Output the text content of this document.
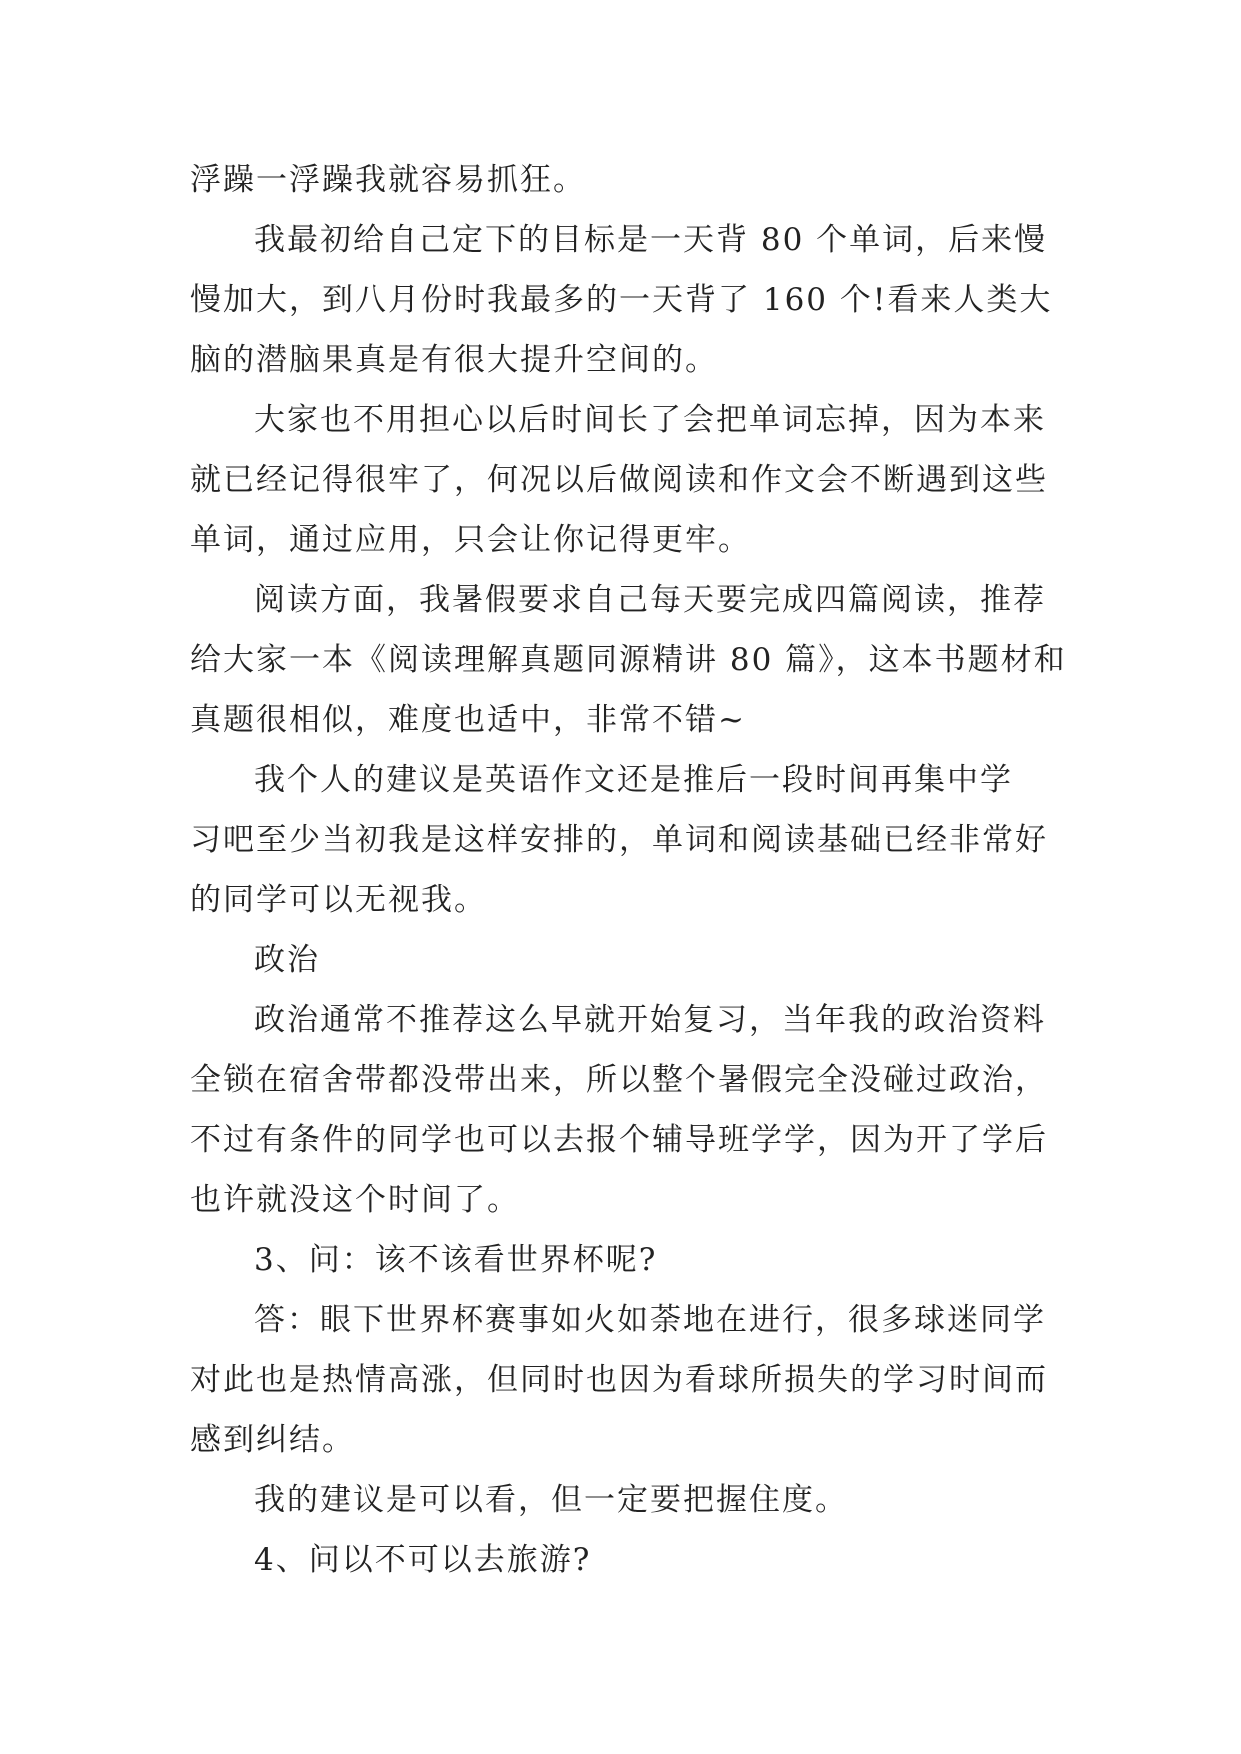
浮躁一浮躁我就容易抓狂。
我最初给自己定下的目标是一天背 80 个单词，后来慢
慢加大，到八月份时我最多的一天背了 160 个!看来人类大
脑的潜脑果真是有很大提升空间的。
大家也不用担心以后时间长了会把单词忘掉，因为本来
就已经记得很牢了，何况以后做阅读和作文会不断遇到这些
单词，通过应用，只会让你记得更牢。
阅读方面，我暑假要求自己每天要完成四篇阅读，推荐
给大家一本《阅读理解真题同源精讲 80 篇》，这本书题材和
真题很相似，难度也适中，非常不错~
我个人的建议是英语作文还是推后一段时间再集中学
习吧至少当初我是这样安排的，单词和阅读基础已经非常好
的同学可以无视我。
政治
政治通常不推荐这么早就开始复习，当年我的政治资料
全锁在宿舍带都没带出来，所以整个暑假完全没碰过政治，
不过有条件的同学也可以去报个辅导班学学，因为开了学后
也许就没这个时间了。
3、问：该不该看世界杯呢?
答：眼下世界杯赛事如火如荼地在进行，很多球迷同学
对此也是热情高涨，但同时也因为看球所损失的学习时间而
感到纠结。
我的建议是可以看，但一定要把握住度。
4、问以不可以去旅游?
